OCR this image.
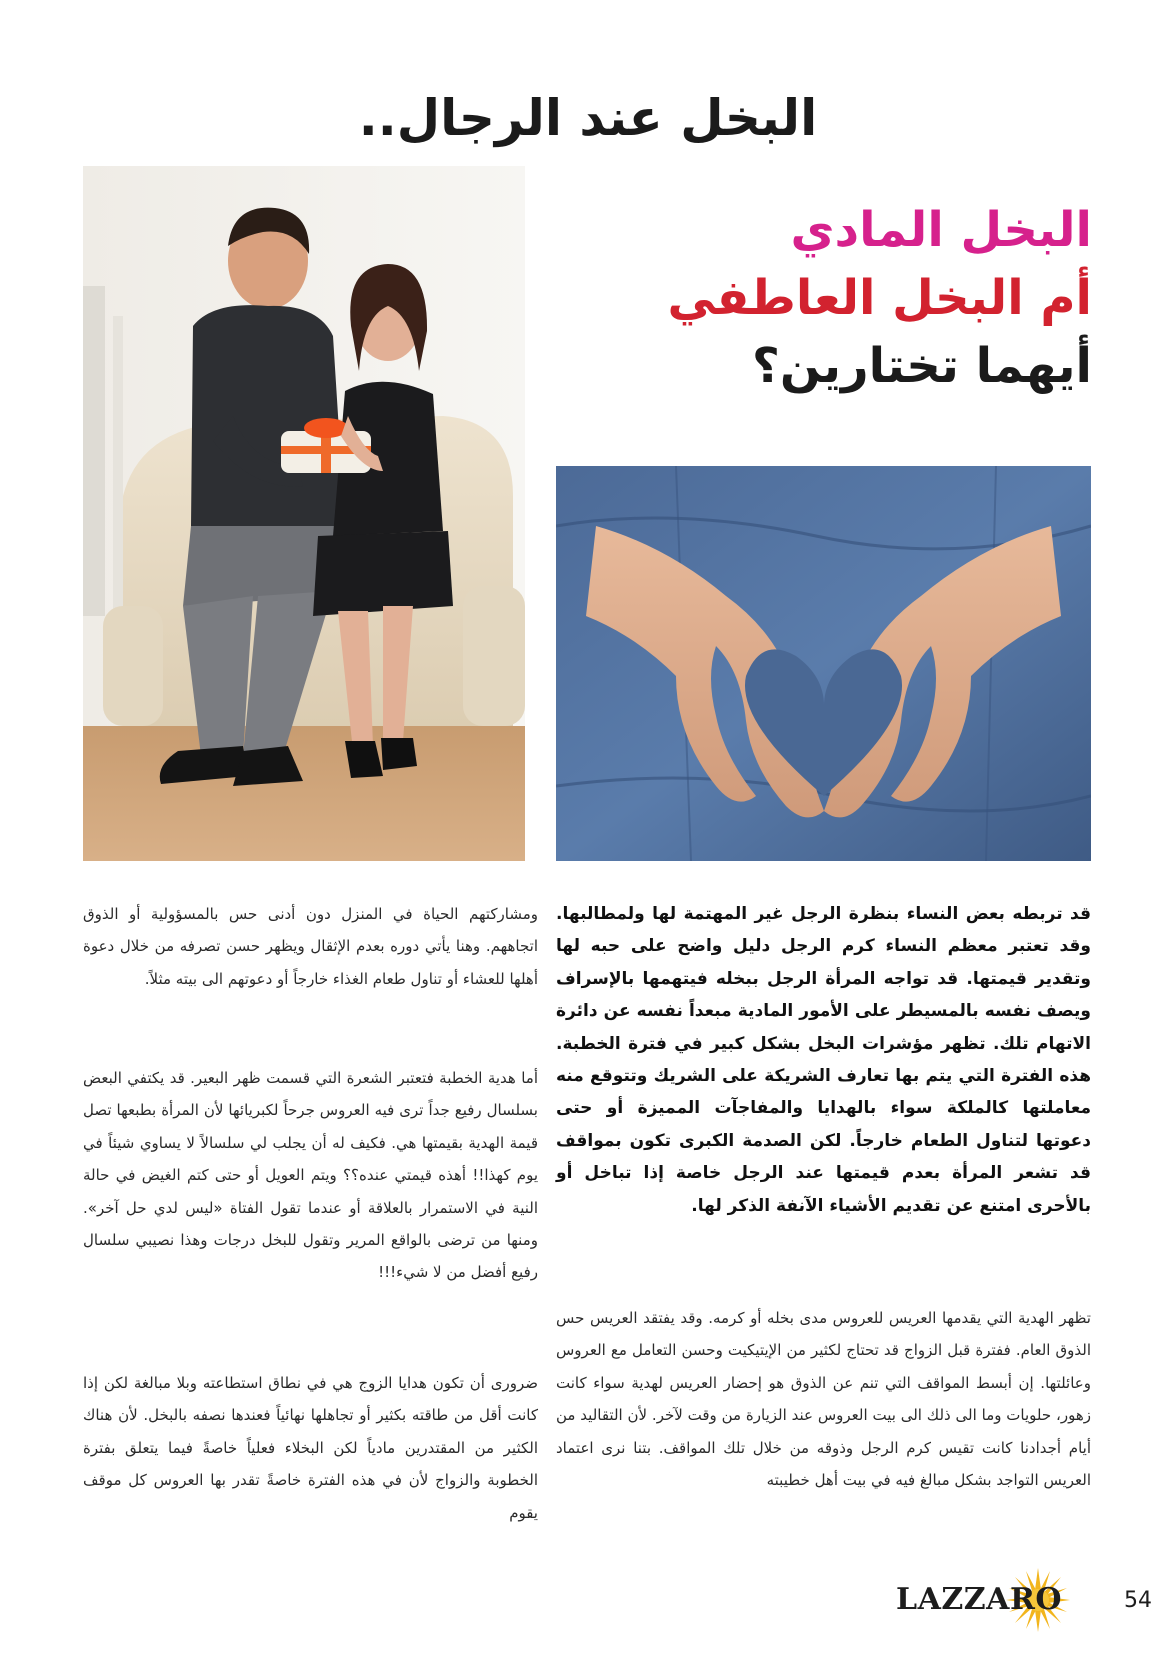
البخل عند الرجال..
البخل المادي
أم البخل العاطفي
أيهما تختارين؟

قد تربطه بعض النساء بنظرة الرجل غير المهتمة لها ولمطالبها. وقد تعتبر معظم النساء كرم الرجل دليل واضح على حبه لها وتقدير قيمتها. قد تواجه المرأة الرجل ببخله فيتهمها بالإسراف ويصف نفسه بالمسيطر على الأمور المادية مبعداً نفسه عن دائرة الاتهام تلك. تظهر مؤشرات البخل بشكل كبير في فترة الخطبة. هذه الفترة التي يتم بها تعارف الشريكة على الشريك وتتوقع منه معاملتها كالملكة سواء بالهدايا والمفاجآت المميزة أو حتى دعوتها لتناول الطعام خارجاً. لكن الصدمة الكبرى تكون بمواقف قد تشعر المرأة بعدم قيمتها عند الرجل خاصة إذا تباخل أو بالأحرى امتنع عن تقديم الأشياء الآنفة الذكر لها.

تظهر الهدية التي يقدمها العريس للعروس مدى بخله أو كرمه. وقد يفتقد العريس حس الذوق العام. ففترة قبل الزواج قد تحتاج لكثير من الإيتيكيت وحسن التعامل مع العروس وعائلتها. إن أبسط المواقف التي تنم عن الذوق هو إحضار العريس لهدية سواء كانت زهور، حلويات وما الى ذلك الى بيت العروس عند الزيارة من وقت لآخر. لأن التقاليد من أيام أجدادنا كانت تقيس كرم الرجل وذوقه من خلال تلك المواقف. بتنا نرى اعتماد العريس التواجد بشكل مبالغ فيه في بيت أهل خطيبته

ومشاركتهم الحياة في المنزل دون أدنى حس بالمسؤولية أو الذوق اتجاههم. وهنا يأتي دوره بعدم الإثقال ويظهر حسن تصرفه من خلال دعوة أهلها للعشاء أو تناول طعام الغذاء خارجاً أو دعوتهم الى بيته مثلاً.

أما هدية الخطبة فتعتبر الشعرة التي قسمت ظهر البعير. قد يكتفي البعض بسلسال رفيع جداً ترى فيه العروس جرحاً لكبريائها لأن المرأة بطبعها تصل قيمة الهدية بقيمتها هي. فكيف له أن يجلب لي سلسالاً لا يساوي شيئاً في يوم كهذا!! أهذه قيمتي عنده؟؟ ويتم العويل أو حتى كتم الغيض في حالة النية في الاستمرار بالعلاقة أو عندما تقول الفتاة «ليس لدي حل آخر». ومنها من ترضى بالواقع المرير وتقول للبخل درجات وهذا نصيبي سلسال رفيع أفضل من لا شيء!!!

ضرورى أن تكون هدايا الزوج هي في نطاق استطاعته وبلا مبالغة لكن إذا كانت أقل من طاقته بكثير أو تجاهلها نهائياً فعندها نصفه بالبخل. لأن هناك الكثير من المقتدرين مادياً لكن البخلاء فعلياً خاصةً فيما يتعلق بفترة الخطوبة والزواج لأن في هذه الفترة خاصةً تقدر بها العروس كل موقف يقوم

LAZZARO	54
